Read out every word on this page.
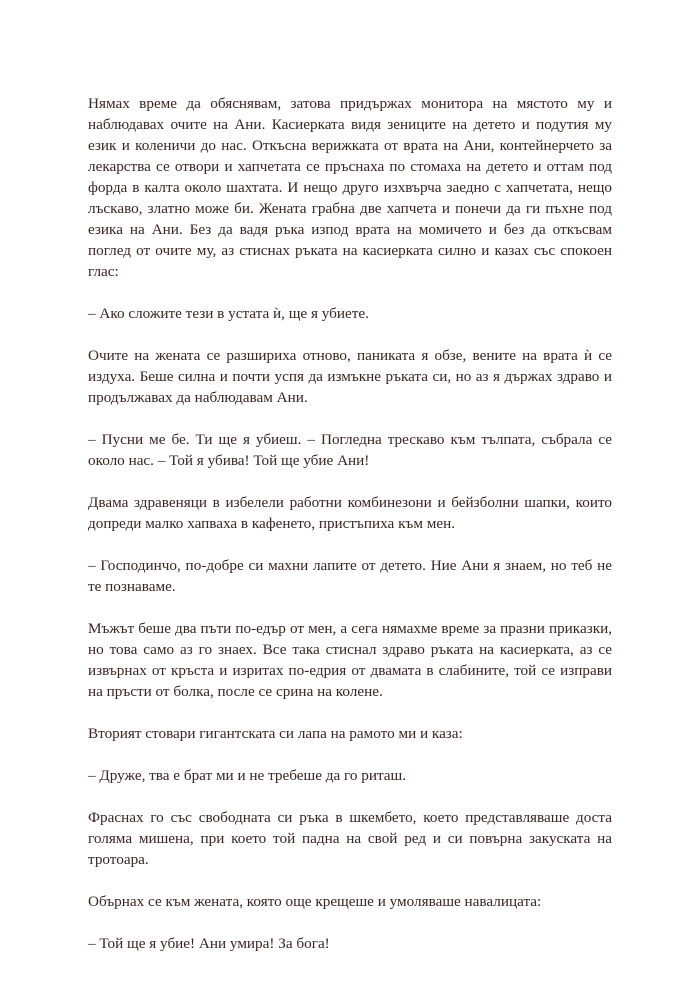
Нямах време да обяснявам, затова придържах монитора на мястото му и наблюдавах очите на Ани. Касиерката видя зениците на детето и подутия му език и коленичи до нас. Откъсна верижката от врата на Ани, контейнерчето за лекарства се отвори и хапчетата се пръснаха по стомаха на детето и оттам под форда в калта около шахтата. И нещо друго изхвърча заедно с хапчетата, нещо лъскаво, златно може би. Жената грабна две хапчета и понечи да ги пъхне под езика на Ани. Без да вадя ръка изпод врата на момичето и без да откъсвам поглед от очите му, аз стиснах ръката на касиерката силно и казах със спокоен глас:

– Ако сложите тези в устата ѝ, ще я убиете.

Очите на жената се разшириха отново, паниката я обзе, вените на врата ѝ се издуха. Беше силна и почти успя да измъкне ръката си, но аз я държах здраво и продължавах да наблюдавам Ани.

– Пусни ме бе. Ти ще я убиеш. – Погледна трескаво към тълпата, събрала се около нас. – Той я убива! Той ще убие Ани!

Двама здравеняци в избелели работни комбинезони и бейзболни шапки, които допреди малко хапваха в кафенето, пристъпиха към мен.

– Господинчо, по-добре си махни лапите от детето. Ние Ани я знаем, но теб не те познаваме.

Мъжът беше два пъти по-едър от мен, а сега нямахме време за празни приказки, но това само аз го знаех. Все така стиснал здраво ръката на касиерката, аз се извърнах от кръста и изритах по-едрия от двамата в слабините, той се изправи на пръсти от болка, после се срина на колене.

Вторият стовари гигантската си лапа на рамото ми и каза:

– Друже, тва е брат ми и не требеше да го риташ.

Фраснах го със свободната си ръка в шкембето, което представляваше доста голяма мишена, при което той падна на свой ред и си повърна закуската на тротоара.

Обърнах се към жената, която още крещеше и умоляваше навалицата:

– Той ще я убие! Ани умира! За бога!
